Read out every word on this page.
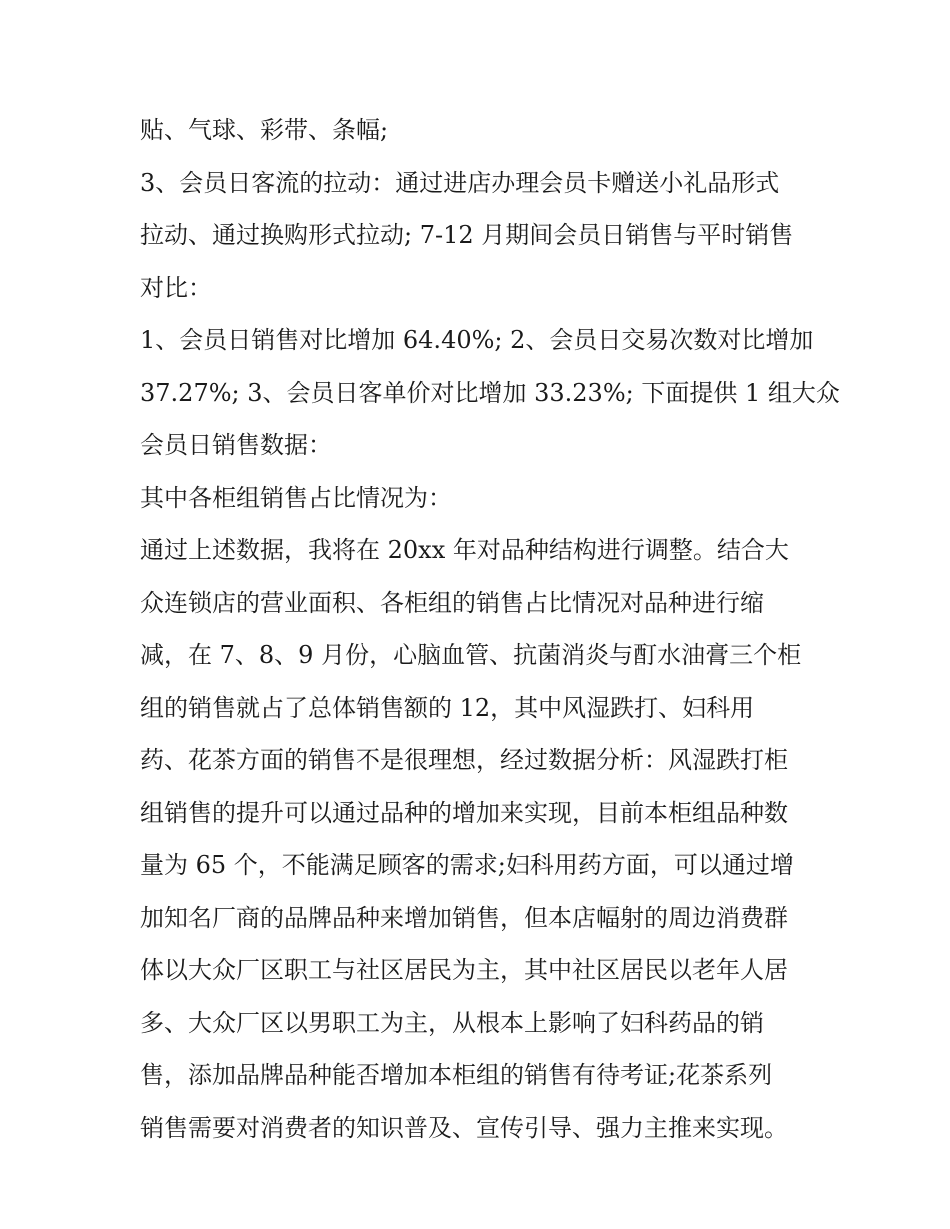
贴、气球、彩带、条幅;
3、会员日客流的拉动：通过进店办理会员卡赠送小礼品形式
拉动、通过换购形式拉动; 7-12 月期间会员日销售与平时销售
对比：
1、会员日销售对比增加 64.40%; 2、会员日交易次数对比增加
37.27%; 3、会员日客单价对比增加 33.23%; 下面提供 1 组大众
会员日销售数据：
其中各柜组销售占比情况为：
通过上述数据，我将在 20xx 年对品种结构进行调整。结合大
众连锁店的营业面积、各柜组的销售占比情况对品种进行缩
减，在 7、8、9 月份，心脑血管、抗菌消炎与酊水油膏三个柜
组的销售就占了总体销售额的 12，其中风湿跌打、妇科用
药、花茶方面的销售不是很理想，经过数据分析：风湿跌打柜
组销售的提升可以通过品种的增加来实现，目前本柜组品种数
量为 65 个，不能满足顾客的需求;妇科用药方面，可以通过增
加知名厂商的品牌品种来增加销售，但本店幅射的周边消费群
体以大众厂区职工与社区居民为主，其中社区居民以老年人居
多、大众厂区以男职工为主，从根本上影响了妇科药品的销
售，添加品牌品种能否增加本柜组的销售有待考证;花茶系列
销售需要对消费者的知识普及、宣传引导、强力主推来实现。
